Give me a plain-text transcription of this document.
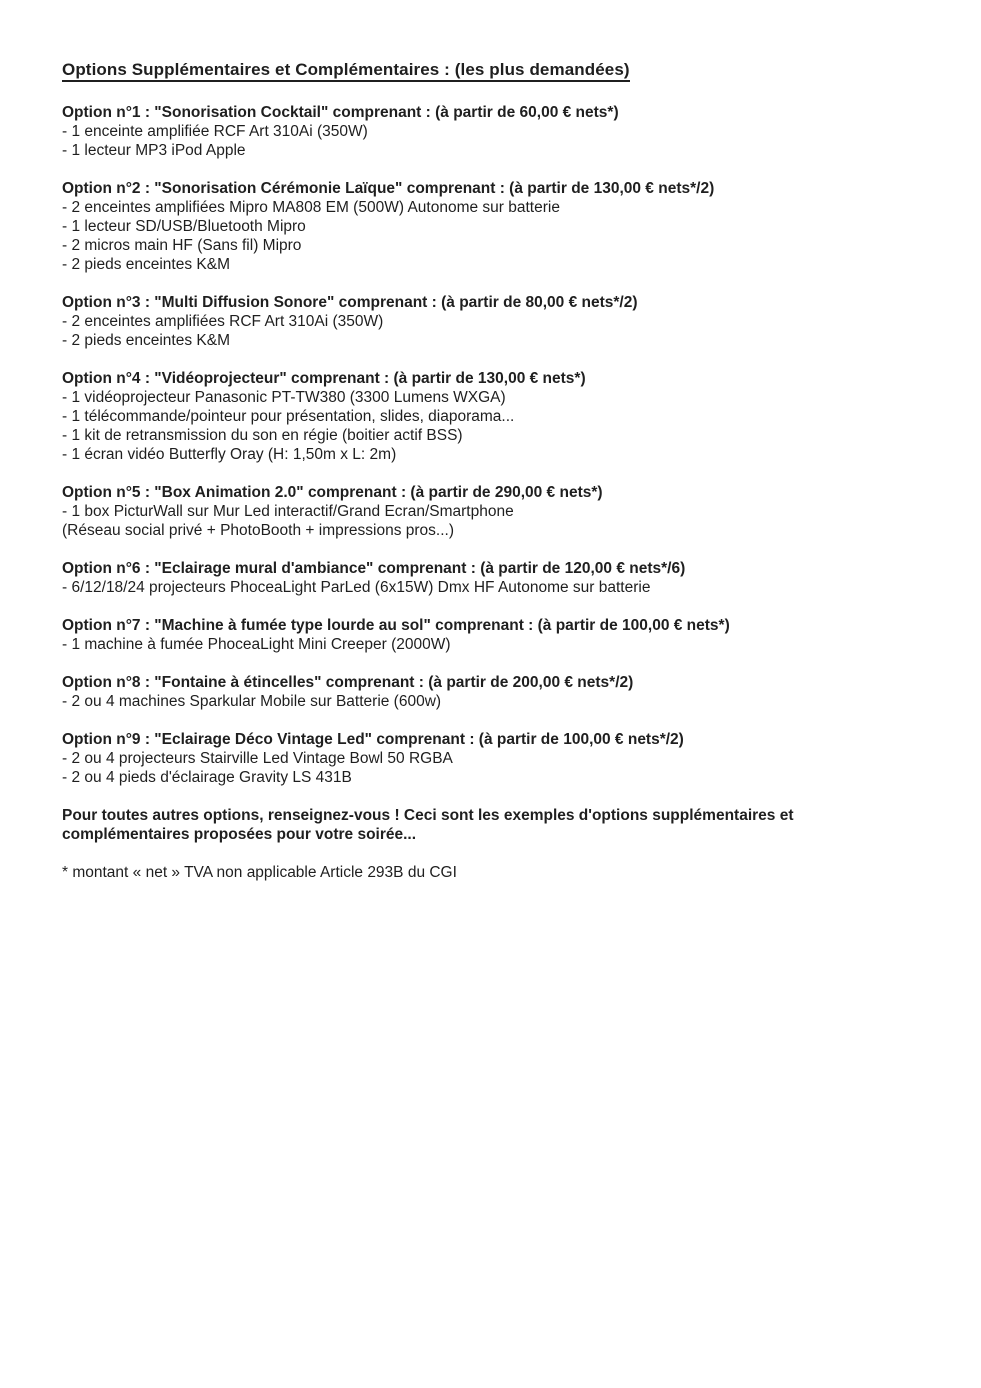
Options Supplémentaires et Complémentaires : (les plus demandées)
Option n°1 : "Sonorisation Cocktail" comprenant : (à partir de 60,00 € nets*)
- 1 enceinte amplifiée RCF Art 310Ai (350W)
- 1 lecteur MP3 iPod Apple
Option n°2 : "Sonorisation Cérémonie Laïque" comprenant : (à partir de 130,00 € nets*/2)
- 2 enceintes amplifiées Mipro MA808 EM (500W) Autonome sur batterie
- 1 lecteur SD/USB/Bluetooth Mipro
- 2 micros main HF (Sans fil) Mipro
- 2 pieds enceintes K&M
Option n°3 : "Multi Diffusion Sonore" comprenant : (à partir de 80,00 € nets*/2)
- 2 enceintes amplifiées RCF Art 310Ai (350W)
- 2 pieds enceintes K&M
Option n°4 : "Vidéoprojecteur" comprenant : (à partir de 130,00 € nets*)
- 1 vidéoprojecteur Panasonic PT-TW380 (3300 Lumens WXGA)
- 1 télécommande/pointeur pour présentation, slides, diaporama...
- 1 kit de retransmission du son en régie (boitier actif BSS)
- 1 écran vidéo Butterfly Oray (H: 1,50m x L: 2m)
Option n°5 : "Box Animation 2.0" comprenant : (à partir de 290,00 € nets*)
- 1 box PicturWall sur Mur Led interactif/Grand Ecran/Smartphone
(Réseau social privé + PhotoBooth + impressions pros...)
Option n°6 : "Eclairage mural d'ambiance" comprenant : (à partir de 120,00 € nets*/6)
- 6/12/18/24 projecteurs PhoceaLight ParLed (6x15W) Dmx HF Autonome sur batterie
Option n°7 : "Machine à fumée type lourde au sol" comprenant : (à partir de 100,00 € nets*)
- 1 machine à fumée PhoceaLight Mini Creeper (2000W)
Option n°8 : "Fontaine à étincelles" comprenant : (à partir de 200,00 € nets*/2)
- 2 ou 4 machines Sparkular Mobile sur Batterie (600w)
Option n°9 : "Eclairage Déco Vintage Led" comprenant : (à partir de 100,00 € nets*/2)
- 2 ou 4 projecteurs Stairville Led Vintage Bowl 50 RGBA
- 2 ou 4 pieds d'éclairage Gravity LS 431B

Pour toutes autres options, renseignez-vous ! Ceci sont les exemples d'options supplémentaires et complémentaires proposées pour votre soirée...

* montant « net » TVA non applicable Article 293B du CGI
